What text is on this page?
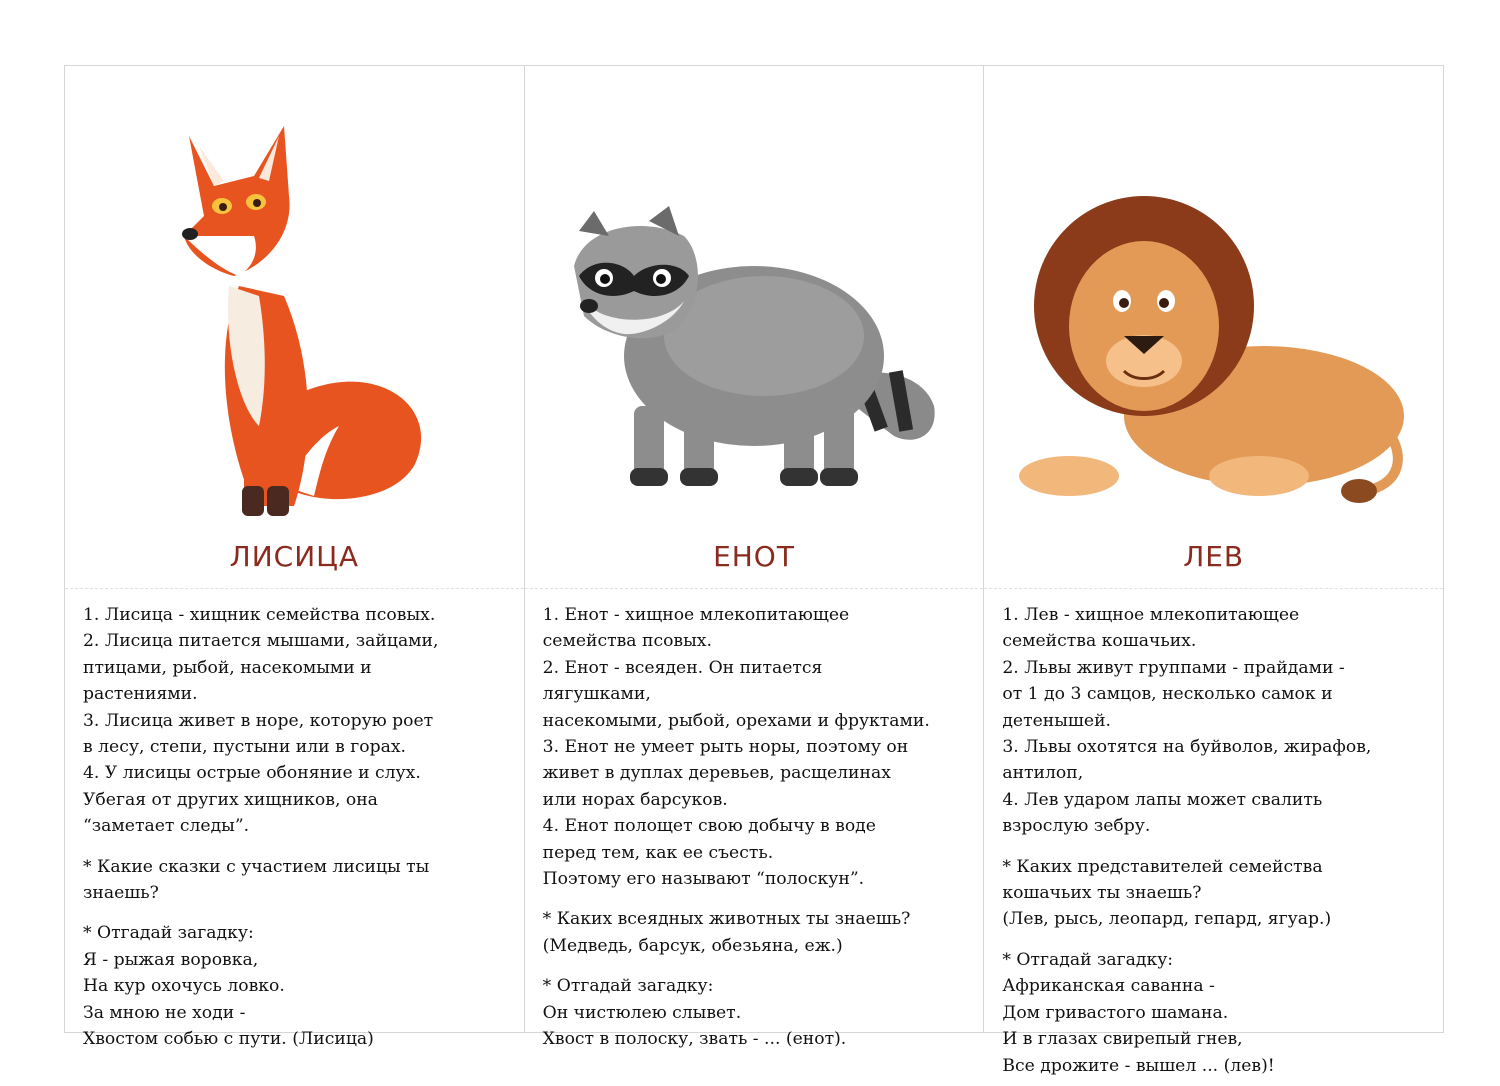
ЛИСИЦА

1. Лисица - хищник семейства псовых.
2. Лисица питается мышами, зайцами,
птицами, рыбой, насекомыми и
растениями.
3. Лисица живет в норе, которую роет
в лесу, степи, пустыни или в горах.
4. У лисицы острые обоняние и слух.
Убегая от других хищников, она
“заметает следы”.

* Какие сказки с участием лисицы ты
знаешь?

* Отгадай загадку:
Я - рыжая воровка,
На кур охочусь ловко.
За мною не ходи -
Хвостом собью с пути. (Лисица)

ЕНОТ

1. Енот - хищное млекопитающее
семейства псовых.
2. Енот - всеяден. Он питается
лягушками,
насекомыми, рыбой, орехами и фруктами.
3. Енот не умеет рыть норы, поэтому он
живет в дуплах деревьев, расщелинах
или норах барсуков.
4. Енот полощет свою добычу в воде
перед тем, как ее съесть.
Поэтому его называют “полоскун”.

* Каких всеядных животных ты знаешь?
(Медведь, барсук, обезьяна, еж.)

* Отгадай загадку:
Он чистюлею слывет.
Хвост в полоску, звать - ... (енот).

ЛЕВ

1. Лев - хищное млекопитающее
семейства кошачьих.
2. Львы живут группами - прайдами -
от 1 до 3 самцов, несколько самок и
детенышей.
3. Львы охотятся на буйволов, жирафов,
антилоп,
4. Лев ударом лапы может свалить
взрослую зебру.

* Каких представителей семейства
кошачьих ты знаешь?
(Лев, рысь, леопард, гепард, ягуар.)

* Отгадай загадку:
Африканская саванна -
Дом гривастого шамана.
И в глазах свирепый гнев,
Все дрожите - вышел ... (лев)!
